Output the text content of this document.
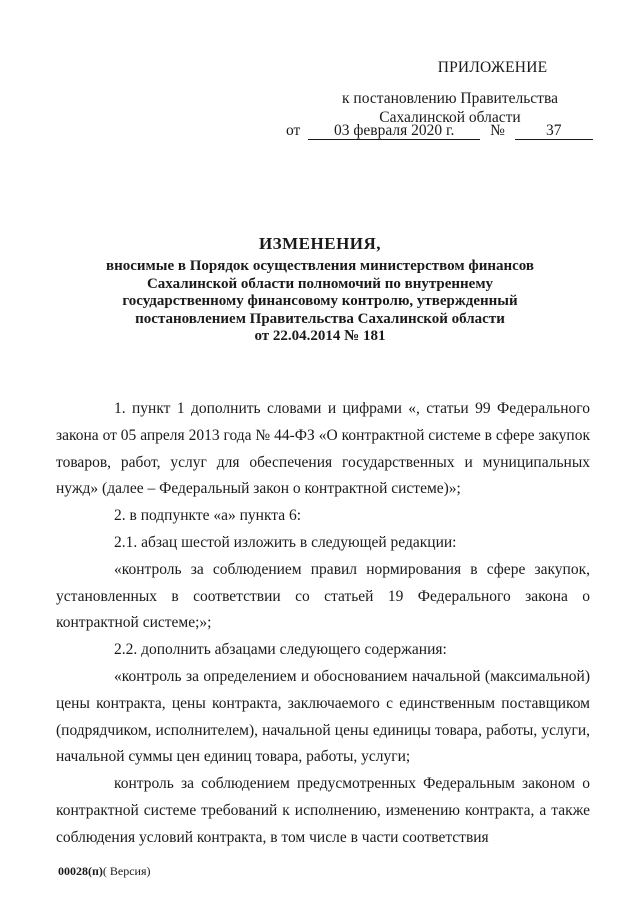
ПРИЛОЖЕНИЕ
к постановлению Правительства
Сахалинской области
от 03 февраля 2020 г. №	37
ИЗМЕНЕНИЯ,
вносимые в Порядок осуществления министерством финансов
Сахалинской области полномочий по внутреннему
государственному финансовому контролю, утвержденный
постановлением Правительства Сахалинской области
от 22.04.2014 № 181

1. пункт 1 дополнить словами и цифрами «, статьи 99 Федерального закона от 05 апреля 2013 года № 44-ФЗ «О контрактной системе в сфере закупок товаров, работ, услуг для обеспечения государственных и муниципальных нужд» (далее – Федеральный закон о контрактной системе)»;

2. в подпункте «а» пункта 6:

2.1. абзац шестой изложить в следующей редакции:

«контроль за соблюдением правил нормирования в сфере закупок, установленных в соответствии со статьей 19 Федерального закона о контрактной системе;»;

2.2. дополнить абзацами следующего содержания:

«контроль за определением и обоснованием начальной (максимальной) цены контракта, цены контракта, заключаемого с единственным поставщиком (подрядчиком, исполнителем), начальной цены единицы товара, работы, услуги, начальной суммы цен единиц товара, работы, услуги;

контроль за соблюдением предусмотренных Федеральным законом о контрактной системе требований к исполнению, изменению контракта, а также соблюдения условий контракта, в том числе в части соответствия

00028(п)( Версия)
